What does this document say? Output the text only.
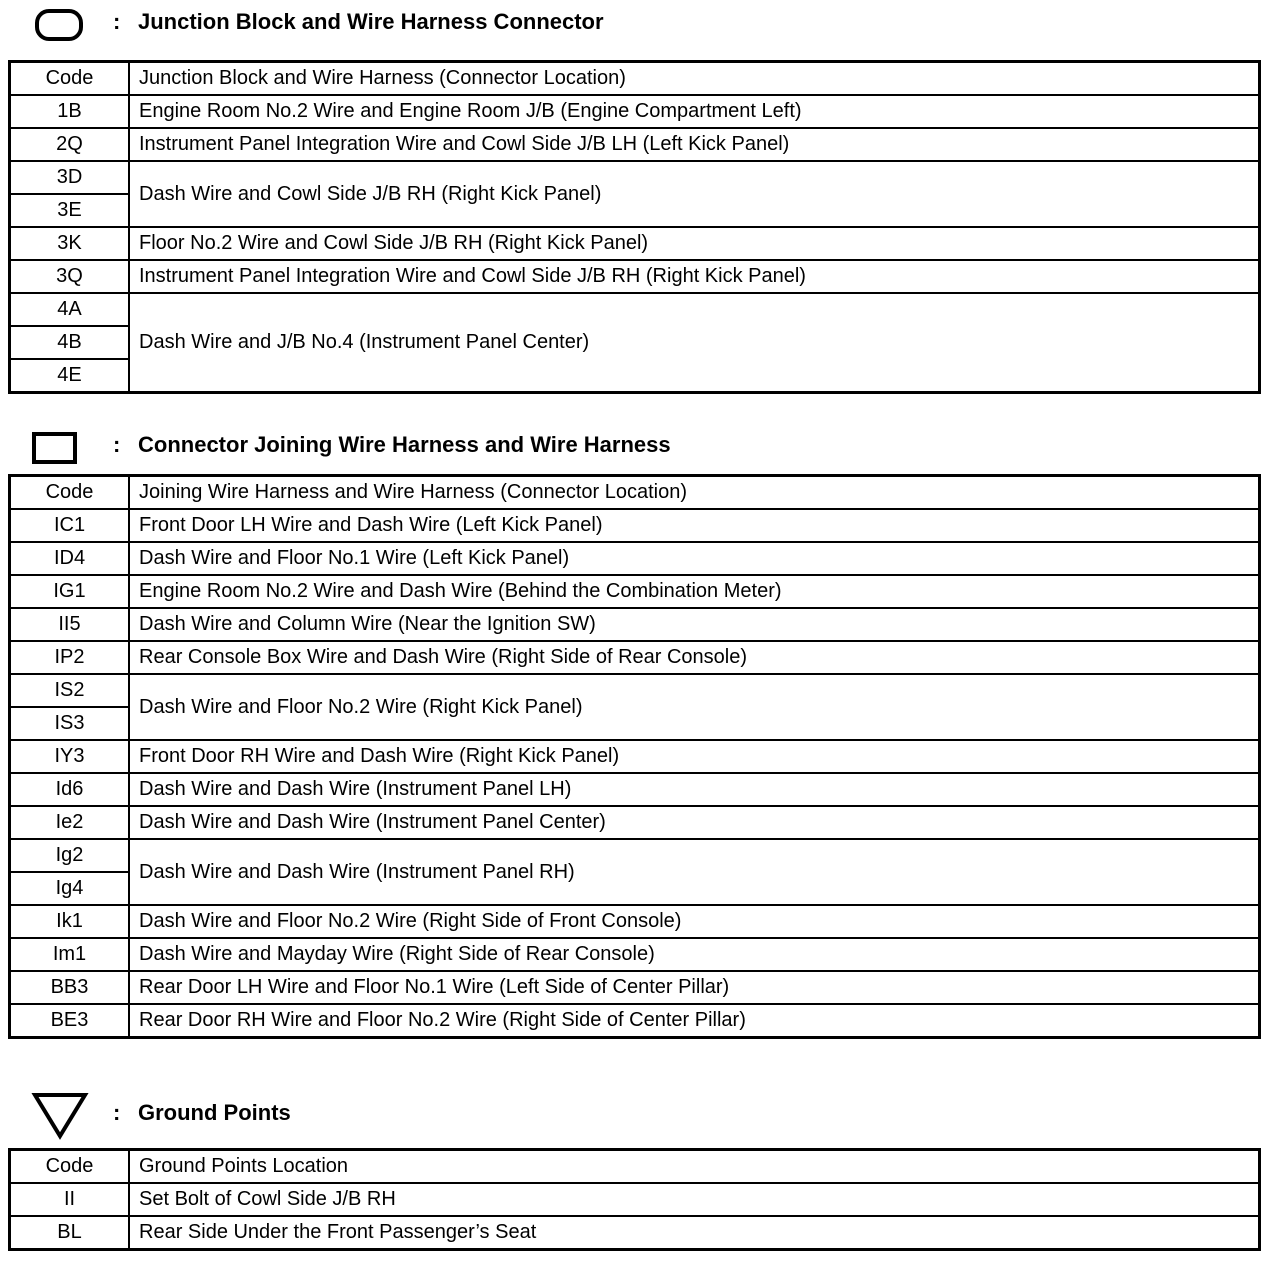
: Junction Block and Wire Harness Connector
Code	Junction Block and Wire Harness (Connector Location)
1B	Engine Room No.2 Wire and Engine Room J/B (Engine Compartment Left)
2Q	Instrument Panel Integration Wire and Cowl Side J/B LH (Left Kick Panel)
3D	Dash Wire and Cowl Side J/B RH (Right Kick Panel)
3E	
3K	Floor No.2 Wire and Cowl Side J/B RH (Right Kick Panel)
3Q	Instrument Panel Integration Wire and Cowl Side J/B RH (Right Kick Panel)
4A	Dash Wire and J/B No.4 (Instrument Panel Center)
4B	
4E	
: Connector Joining Wire Harness and Wire Harness
Code	Joining Wire Harness and Wire Harness (Connector Location)
IC1	Front Door LH Wire and Dash Wire (Left Kick Panel)
ID4	Dash Wire and Floor No.1 Wire (Left Kick Panel)
IG1	Engine Room No.2 Wire and Dash Wire (Behind the Combination Meter)
II5	Dash Wire and Column Wire (Near the Ignition SW)
IP2	Rear Console Box Wire and Dash Wire (Right Side of Rear Console)
IS2	Dash Wire and Floor No.2 Wire (Right Kick Panel)
IS3	
IY3	Front Door RH Wire and Dash Wire (Right Kick Panel)
Id6	Dash Wire and Dash Wire (Instrument Panel LH)
Ie2	Dash Wire and Dash Wire (Instrument Panel Center)
Ig2	Dash Wire and Dash Wire (Instrument Panel RH)
Ig4	
Ik1	Dash Wire and Floor No.2 Wire (Right Side of Front Console)
Im1	Dash Wire and Mayday Wire (Right Side of Rear Console)
BB3	Rear Door LH Wire and Floor No.1 Wire (Left Side of Center Pillar)
BE3	Rear Door RH Wire and Floor No.2 Wire (Right Side of Center Pillar)
: Ground Points
Code	Ground Points Location
II	Set Bolt of Cowl Side J/B RH
BL	Rear Side Under the Front Passenger’s Seat
